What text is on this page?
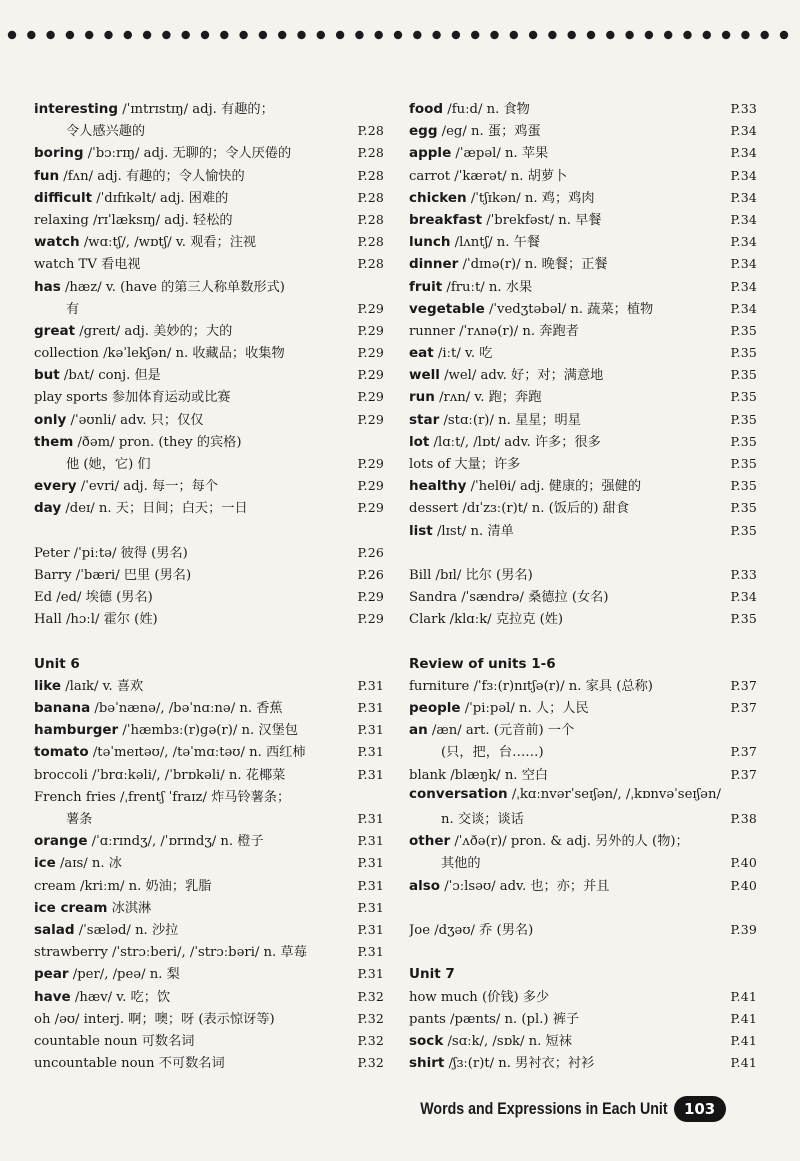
interesting /ˈɪntrɪstɪŋ/ adj. 有趣的；
令人感兴趣的	P.28
boring /ˈbɔːrɪŋ/ adj. 无聊的；令人厌倦的	P.28
fun /fʌn/ adj. 有趣的；令人愉快的	P.28
difficult /ˈdɪfɪkəlt/ adj. 困难的	P.28
relaxing /rɪˈlæksɪŋ/ adj. 轻松的	P.28
watch /wɑːtʃ/, /wɒtʃ/ v. 观看；注视	P.28
watch TV 看电视	P.28
has /hæz/ v. (have 的第三人称单数形式)
有	P.29
great /greɪt/ adj. 美妙的；大的	P.29
collection /kəˈlekʃən/ n. 收藏品；收集物	P.29
but /bʌt/ conj. 但是	P.29
play sports 参加体育运动或比赛	P.29
only /ˈəʊnli/ adv. 只；仅仅	P.29
them /ðəm/ pron. (they 的宾格)
他 (她，它) 们	P.29
every /ˈevri/ adj. 每一；每个	P.29
day /deɪ/ n. 天；日间；白天；一日	P.29
Peter /ˈpiːtə/ 彼得 (男名)	P.26
Barry /ˈbæri/ 巴里 (男名)	P.26
Ed /ed/ 埃德 (男名)	P.29
Hall /hɔːl/ 霍尔 (姓)	P.29
Unit 6
like /laɪk/ v. 喜欢	P.31
banana /bəˈnænə/, /bəˈnɑːnə/ n. 香蕉	P.31
hamburger /ˈhæmbɜː(r)gə(r)/ n. 汉堡包	P.31
tomato /təˈmeɪtəʊ/, /təˈmɑːtəʊ/ n. 西红柿	P.31
broccoli /ˈbrɑːkəli/, /ˈbrɒkəli/ n. 花椰菜	P.31
French fries /ˌfrentʃ ˈfraɪz/ 炸马铃薯条；
薯条	P.31
orange /ˈɑːrɪndʒ/, /ˈɒrɪndʒ/ n. 橙子	P.31
ice /aɪs/ n. 冰	P.31
cream /kriːm/ n. 奶油；乳脂	P.31
ice cream 冰淇淋	P.31
salad /ˈsæləd/ n. 沙拉	P.31
strawberry /ˈstrɔːberi/, /ˈstrɔːbəri/ n. 草莓	P.31
pear /per/, /peə/ n. 梨	P.31
have /hæv/ v. 吃；饮	P.32
oh /əʊ/ interj. 啊；噢；呀 (表示惊讶等)	P.32
countable noun 可数名词	P.32
uncountable noun 不可数名词	P.32
food /fuːd/ n. 食物	P.33
egg /eg/ n. 蛋；鸡蛋	P.34
apple /ˈæpəl/ n. 苹果	P.34
carrot /ˈkærət/ n. 胡萝卜	P.34
chicken /ˈtʃɪkən/ n. 鸡；鸡肉	P.34
breakfast /ˈbrekfəst/ n. 早餐	P.34
lunch /lʌntʃ/ n. 午餐	P.34
dinner /ˈdɪnə(r)/ n. 晚餐；正餐	P.34
fruit /fruːt/ n. 水果	P.34
vegetable /ˈvedʒtəbəl/ n. 蔬菜；植物	P.34
runner /ˈrʌnə(r)/ n. 奔跑者	P.35
eat /iːt/ v. 吃	P.35
well /wel/ adv. 好；对；满意地	P.35
run /rʌn/ v. 跑；奔跑	P.35
star /stɑː(r)/ n. 星星；明星	P.35
lot /lɑːt/, /lɒt/ adv. 许多；很多	P.35
lots of 大量；许多	P.35
healthy /ˈhelθi/ adj. 健康的；强健的	P.35
dessert /dɪˈzɜː(r)t/ n. (饭后的) 甜食	P.35
list /lɪst/ n. 清单	P.35
Bill /bɪl/ 比尔 (男名)	P.33
Sandra /ˈsændrə/ 桑德拉 (女名)	P.34
Clark /klɑːk/ 克拉克 (姓)	P.35
Review of units 1-6
furniture /ˈfɜː(r)nɪtʃə(r)/ n. 家具 (总称)	P.37
people /ˈpiːpəl/ n. 人；人民	P.37
an /æn/ art. (元音前) 一个
(只，把，台……)	P.37
blank /blæŋk/ n. 空白	P.37
conversation /ˌkɑːnvərˈseɪʃən/, /ˌkɒnvəˈseɪʃən/
n. 交谈；谈话	P.38
other /ˈʌðə(r)/ pron. & adj. 另外的人 (物)；
其他的	P.40
also /ˈɔːlsəʊ/ adv. 也；亦；并且	P.40
Joe /dʒəʊ/ 乔 (男名)	P.39
Unit 7
how much (价钱) 多少	P.41
pants /pænts/ n. (pl.) 裤子	P.41
sock /sɑːk/, /sɒk/ n. 短袜	P.41
shirt /ʃɜː(r)t/ n. 男衬衣；衬衫	P.41
Words and Expressions in Each Unit	103
